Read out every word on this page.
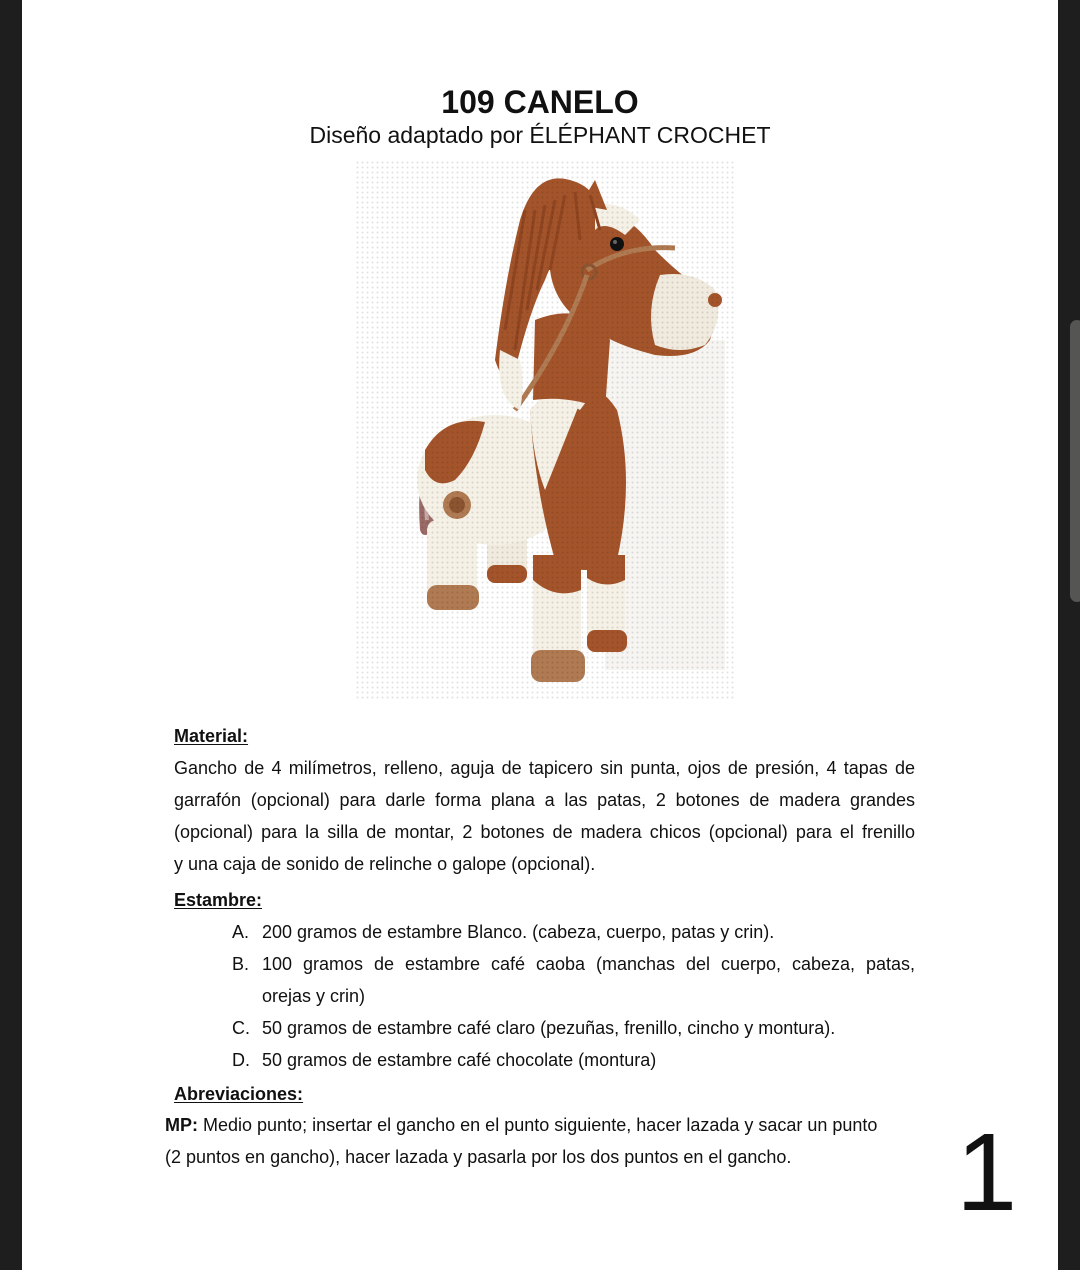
109 CANELO
Diseño adaptado por ÉLÉPHANT CROCHET
Material:
Gancho de 4 milímetros, relleno, aguja de tapicero sin punta, ojos de presión, 4 tapas de
garrafón (opcional) para darle forma plana a las patas, 2 botones de madera grandes
(opcional) para la silla de montar, 2 botones de madera chicos (opcional) para el frenillo
y una caja de sonido de relinche o galope (opcional).
Estambre:
A. 200 gramos de estambre Blanco. (cabeza, cuerpo, patas y crin).
B. 100 gramos de estambre café caoba (manchas del cuerpo, cabeza, patas,
orejas y crin)
C. 50 gramos de estambre café claro (pezuñas, frenillo, cincho y montura).
D. 50 gramos de estambre café chocolate (montura)
Abreviaciones:
MP: Medio punto; insertar el gancho en el punto siguiente, hacer lazada y sacar un punto
(2 puntos en gancho), hacer lazada y pasarla por los dos puntos en el gancho. 1
